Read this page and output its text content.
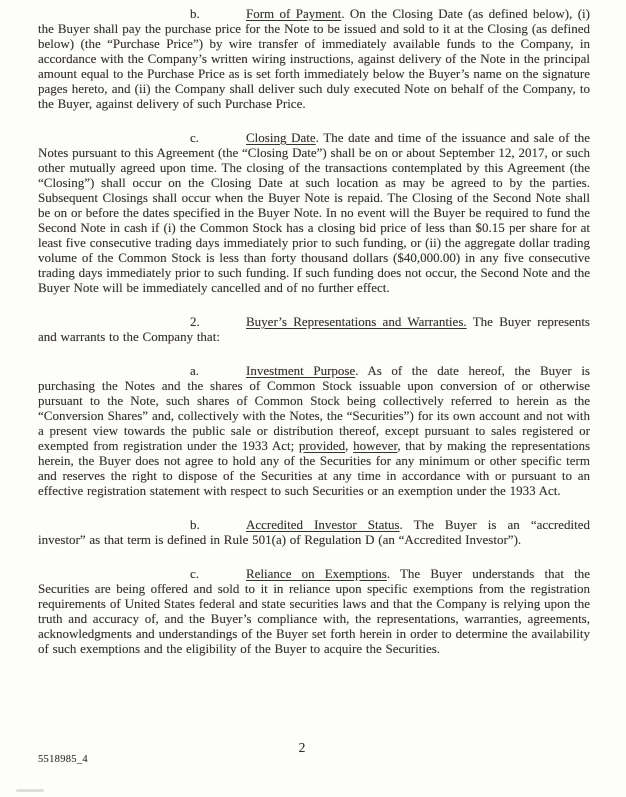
b.	Form of Payment. On the Closing Date (as defined below), (i) the Buyer shall pay the purchase price for the Note to be issued and sold to it at the Closing (as defined below) (the “Purchase Price”) by wire transfer of immediately available funds to the Company, in accordance with the Company’s written wiring instructions, against delivery of the Note in the principal amount equal to the Purchase Price as is set forth immediately below the Buyer’s name on the signature pages hereto, and (ii) the Company shall deliver such duly executed Note on behalf of the Company, to the Buyer, against delivery of such Purchase Price.

c.	Closing Date. The date and time of the issuance and sale of the Notes pursuant to this Agreement (the “Closing Date”) shall be on or about September 12, 2017, or such other mutually agreed upon time. The closing of the transactions contemplated by this Agreement (the “Closing”) shall occur on the Closing Date at such location as may be agreed to by the parties. Subsequent Closings shall occur when the Buyer Note is repaid. The Closing of the Second Note shall be on or before the dates specified in the Buyer Note. In no event will the Buyer be required to fund the Second Note in cash if (i) the Common Stock has a closing bid price of less than $0.15 per share for at least five consecutive trading days immediately prior to such funding, or (ii) the aggregate dollar trading volume of the Common Stock is less than forty thousand dollars ($40,000.00) in any five consecutive trading days immediately prior to such funding. If such funding does not occur, the Second Note and the Buyer Note will be immediately cancelled and of no further effect.

2.	Buyer’s Representations and Warranties. The Buyer represents and warrants to the Company that:

a.	Investment Purpose. As of the date hereof, the Buyer is purchasing the Notes and the shares of Common Stock issuable upon conversion of or otherwise pursuant to the Note, such shares of Common Stock being collectively referred to herein as the “Conversion Shares” and, collectively with the Notes, the “Securities”) for its own account and not with a present view towards the public sale or distribution thereof, except pursuant to sales registered or exempted from registration under the 1933 Act; provided, however, that by making the representations herein, the Buyer does not agree to hold any of the Securities for any minimum or other specific term and reserves the right to dispose of the Securities at any time in accordance with or pursuant to an effective registration statement with respect to such Securities or an exemption under the 1933 Act.

b.	Accredited Investor Status. The Buyer is an “accredited investor” as that term is defined in Rule 501(a) of Regulation D (an “Accredited Investor”).

c.	Reliance on Exemptions. The Buyer understands that the Securities are being offered and sold to it in reliance upon specific exemptions from the registration requirements of United States federal and state securities laws and that the Company is relying upon the truth and accuracy of, and the Buyer’s compliance with, the representations, warranties, agreements, acknowledgments and understandings of the Buyer set forth herein in order to determine the availability of such exemptions and the eligibility of the Buyer to acquire the Securities.

2
5518985_4
